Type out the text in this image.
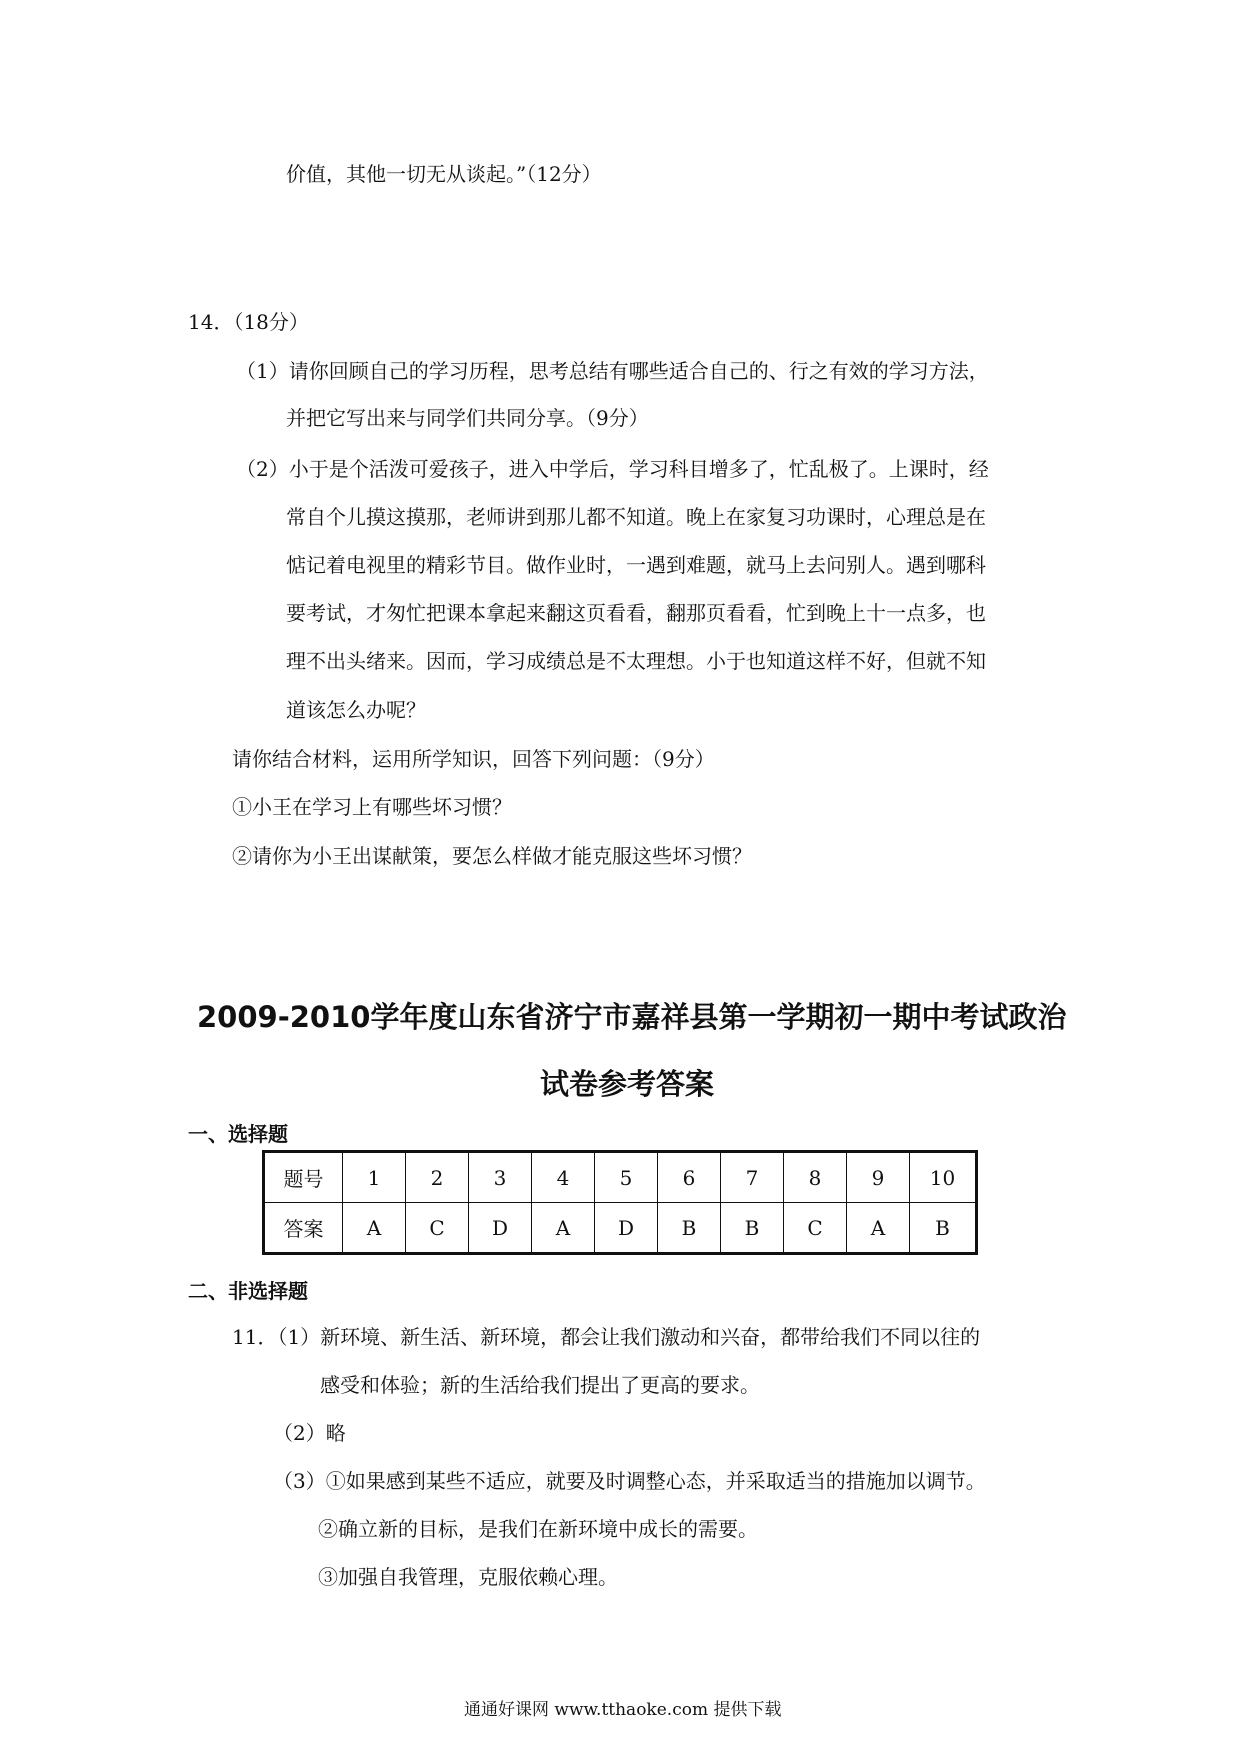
价值，其他一切无从谈起。”（12分）
14．（18分）
（1）请你回顾自己的学习历程，思考总结有哪些适合自己的、行之有效的学习方法，
并把它写出来与同学们共同分享。（9分）
（2）小于是个活泼可爱孩子，进入中学后，学习科目增多了，忙乱极了。上课时，经
常自个儿摸这摸那，老师讲到那儿都不知道。晚上在家复习功课时，心理总是在
惦记着电视里的精彩节目。做作业时，一遇到难题，就马上去问别人。遇到哪科
要考试，才匆忙把课本拿起来翻这页看看，翻那页看看，忙到晚上十一点多，也
理不出头绪来。因而，学习成绩总是不太理想。小于也知道这样不好，但就不知
道该怎么办呢？
请你结合材料，运用所学知识，回答下列问题：（9分）
①小王在学习上有哪些坏习惯？
②请你为小王出谋献策，要怎么样做才能克服这些坏习惯？
2009-2010学年度山东省济宁市嘉祥县第一学期初一期中考试政治
试卷参考答案
一、选择题
题号	1	2	3	4	5	6	7	8	9	10
答案	A	C	D	A	D	B	B	C	A	B
二、非选择题
11．（1）新环境、新生活、新环境，都会让我们激动和兴奋，都带给我们不同以往的
感受和体验；新的生活给我们提出了更高的要求。
（2）略
（3）①如果感到某些不适应，就要及时调整心态，并采取适当的措施加以调节。
②确立新的目标，是我们在新环境中成长的需要。
③加强自我管理，克服依赖心理。
通通好课网 www.tthaoke.com 提供下载
